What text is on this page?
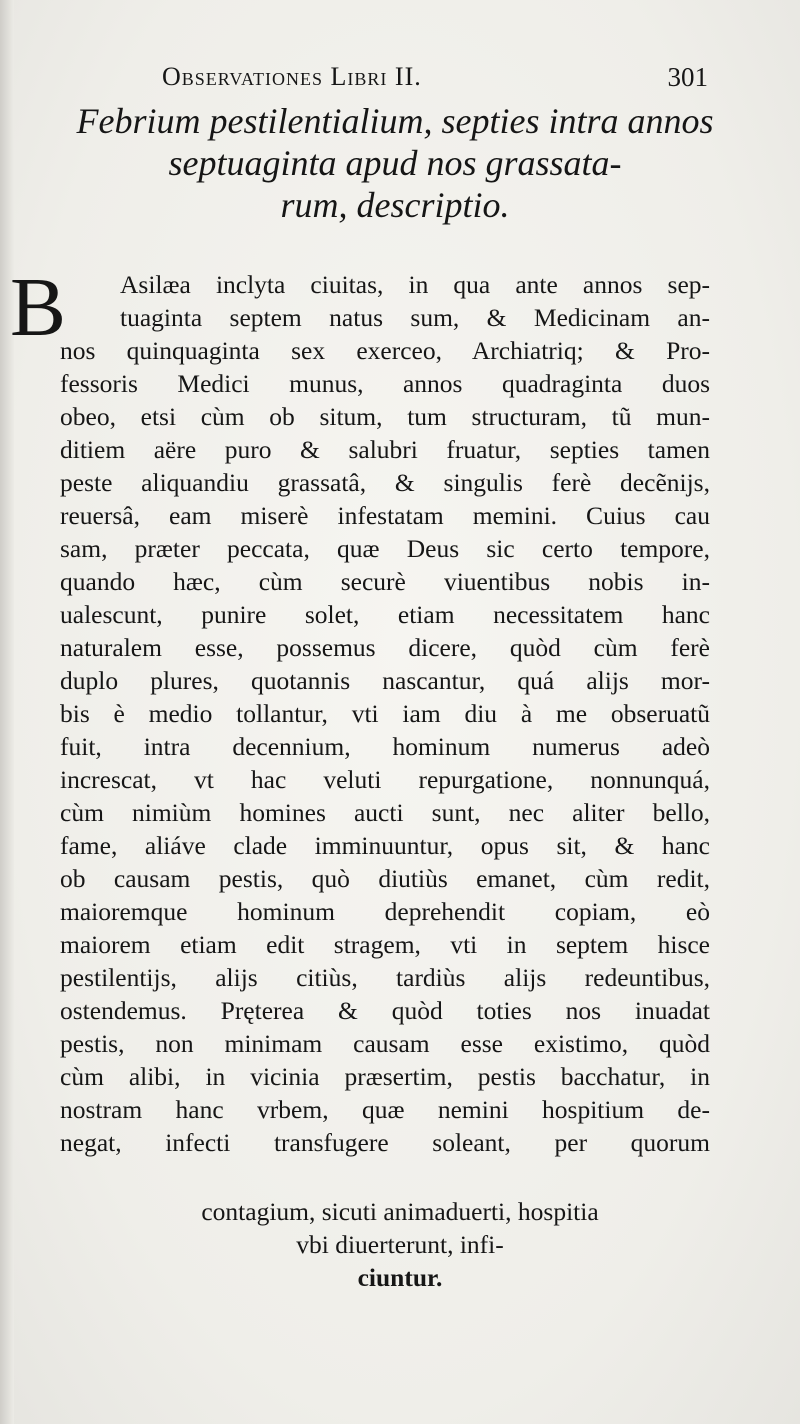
Observationes Libri II.	301
Febrium pestilentialium, septies intra annos
septuaginta apud nos grassata-
rum, descriptio.
B	Asilæa inclyta ciuitas, in qua ante annos sep-
tuaginta septem natus sum, & Medicinam an-
nos quinquaginta sex exerceo, Archiatriq; & Pro-
fessoris Medici munus, annos quadraginta duos
obeo, etsi cùm ob situm, tum structuram, tũ mun-
ditiem aëre puro & salubri fruatur, septies tamen
peste aliquandiu grassatâ, & singulis ferè decẽnijs,
reuersâ, eam miserè infestatam memini. Cuius cau
sam, præter peccata, quæ Deus sic certo tempore,
quando hæc, cùm securè viuentibus nobis in-
ualescunt, punire solet, etiam necessitatem hanc
naturalem esse, possemus dicere, quòd cùm ferè
duplo plures, quotannis nascantur, quá alijs mor-
bis è medio tollantur, vti iam diu à me obseruatũ
fuit, intra decennium, hominum numerus adeò
increscat, vt hac veluti repurgatione, nonnunquá,
cùm nimiùm homines aucti sunt, nec aliter bello,
fame, aliáve clade imminuuntur, opus sit, & hanc
ob causam pestis, quò diutiùs emanet, cùm redit,
maioremque hominum deprehendit copiam, eò
maiorem etiam edit stragem, vti in septem hisce
pestilentijs, alijs citiùs, tardiùs alijs redeuntibus,
ostendemus. Pręterea & quòd toties nos inuadat
pestis, non minimam causam esse existimo, quòd
cùm alibi, in vicinia præsertim, pestis bacchatur, in
nostram hanc vrbem, quæ nemini hospitium de-
negat, infecti transfugere soleant, per quorum
contagium, sicuti animaduerti, hospitia
vbi diuerterunt, infi-
ciuntur.
